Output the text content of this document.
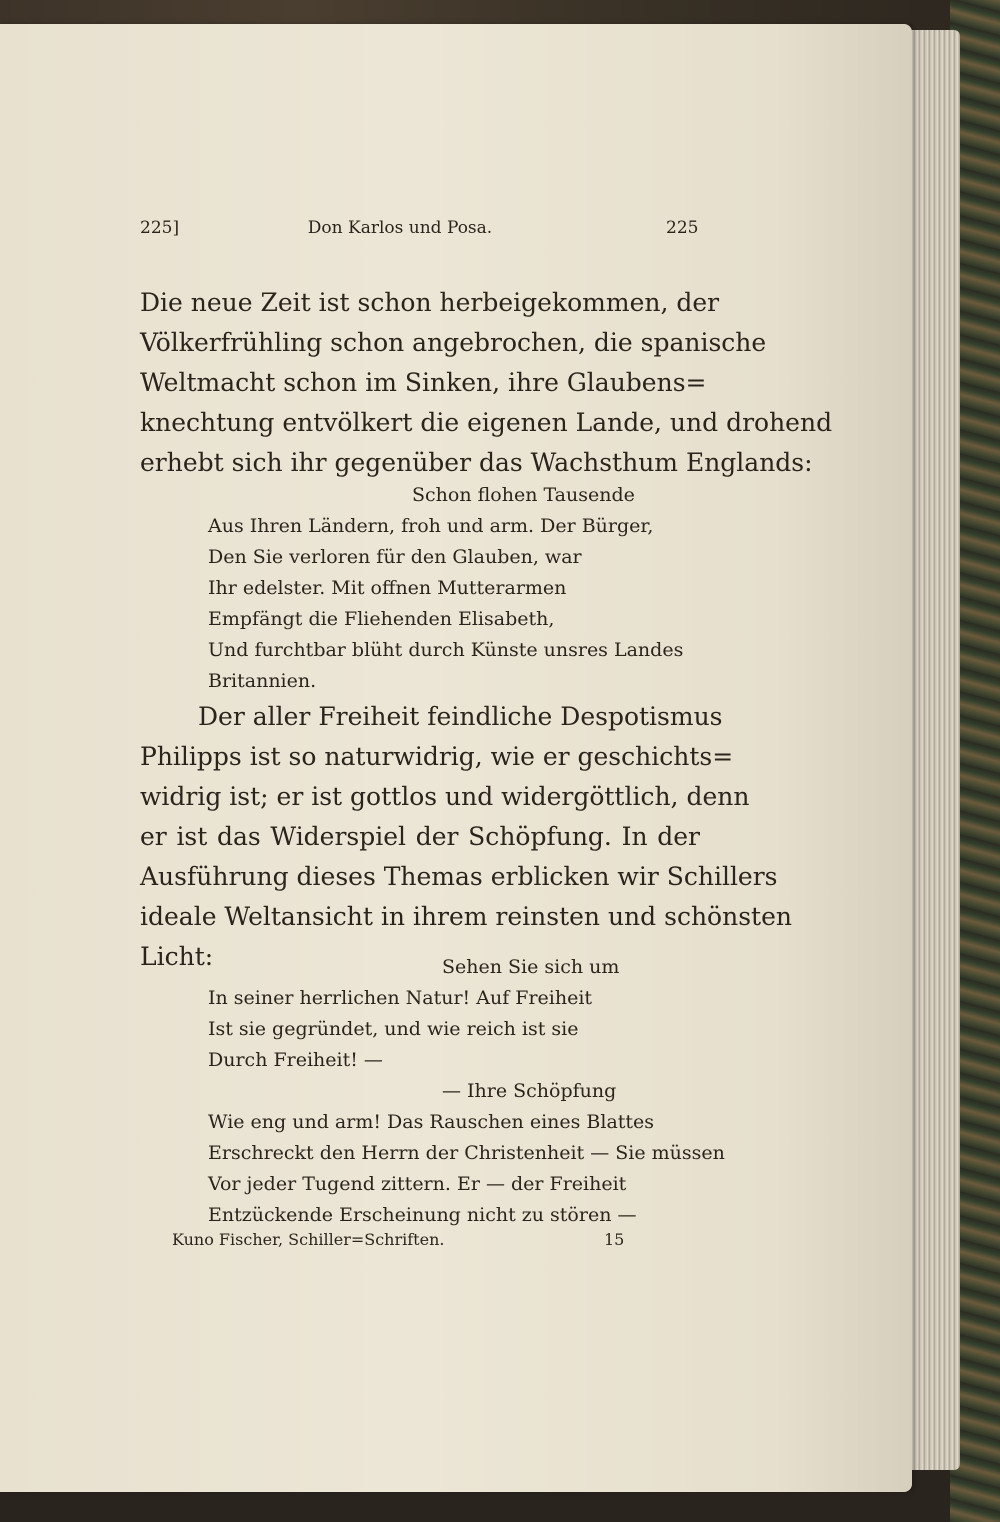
225]	Don Karlos und Posa.	225
Die neue Zeit ist schon herbeigekommen, der
Völkerfrühling schon angebrochen, die spanische
Weltmacht schon im Sinken, ihre Glaubens=
knechtung entvölkert die eigenen Lande, und drohend
erhebt sich ihr gegenüber das Wachsthum Englands:
Schon flohen Tausende
Aus Ihren Ländern, froh und arm. Der Bürger,
Den Sie verloren für den Glauben, war
Ihr edelster. Mit offnen Mutterarmen
Empfängt die Fliehenden Elisabeth,
Und furchtbar blüht durch Künste unsres Landes
Britannien.
Der aller Freiheit feindliche Despotismus
Philipps ist so naturwidrig, wie er geschichts=
widrig ist; er ist gottlos und widergöttlich, denn
er ist das Widerspiel der Schöpfung. In der
Ausführung dieses Themas erblicken wir Schillers
ideale Weltansicht in ihrem reinsten und schönsten
Licht:	Sehen Sie sich um
In seiner herrlichen Natur! Auf Freiheit
Ist sie gegründet, und wie reich ist sie
Durch Freiheit! —
— Ihre Schöpfung
Wie eng und arm! Das Rauschen eines Blattes
Erschreckt den Herrn der Christenheit — Sie müssen
Vor jeder Tugend zittern. Er — der Freiheit
Entzückende Erscheinung nicht zu stören —
Kuno Fischer, Schiller=Schriften.	15
